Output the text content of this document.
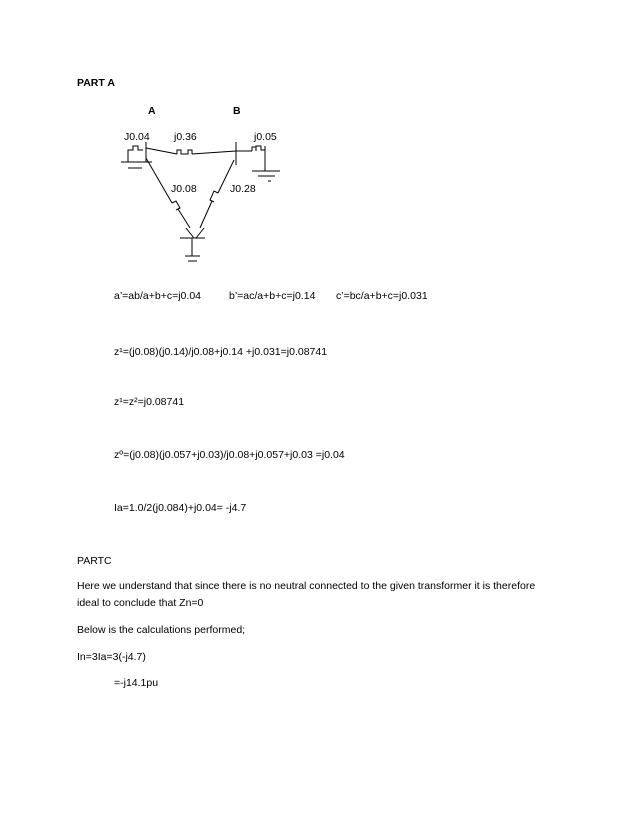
PART A
A	B
J0.04 j0.36	j0.05
J0.08	J0.28
a’=ab/a+b+c=j0.04	b’=ac/a+b+c=j0.14 c’=bc/a+b+c=j0.031
z¹=(j0.08)(j0.14)/j0.08+j0.14 +j0.031=j0.08741
z¹=z²=j0.08741
zº=(j0.08)(j0.057+j0.03)/j0.08+j0.057+j0.03 =j0.04
Ia=1.0/2(j0.084)+j0.04= -j4.7
PARTC
Here we understand that since there is no neutral connected to the given transformer it is therefore
ideal to conclude that Zn=0
Below is the calculations performed;
In=3Ia=3(-j4.7)
=-j14.1pu
